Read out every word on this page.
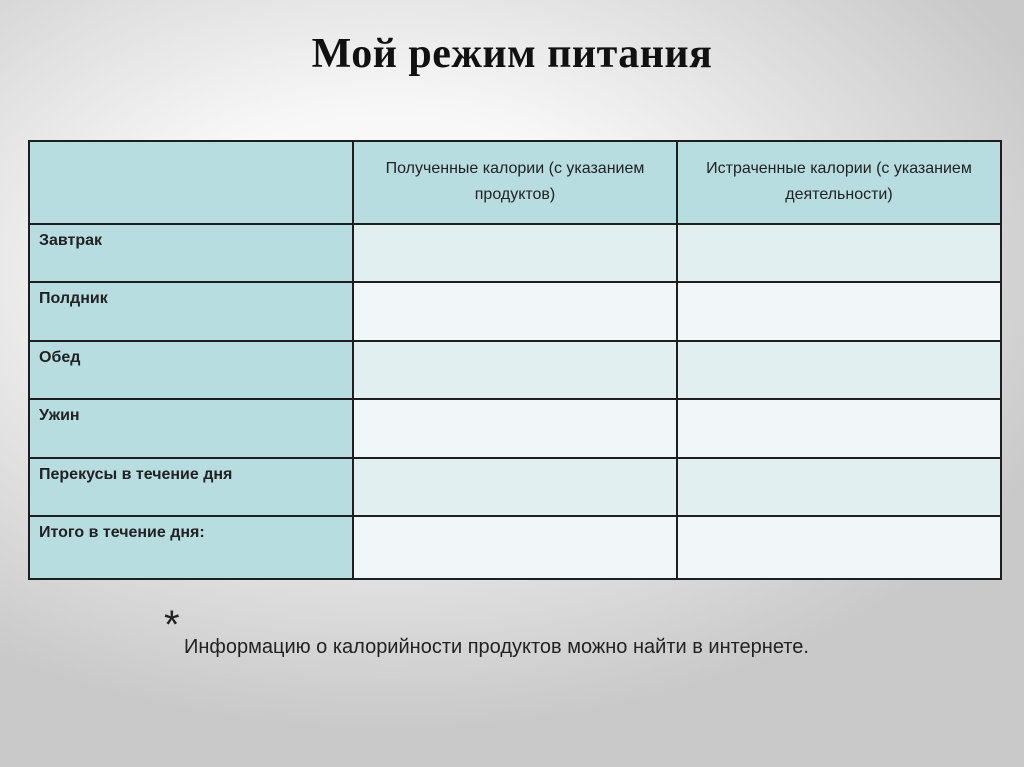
Мой режим питания
	Полученные калории (с указанием продуктов)	Истраченные калории (с указанием деятельности)
Завтрак		
Полдник		
Обед		
Ужин		
Перекусы в течение дня		
Итого в течение дня:		
* Информацию о калорийности продуктов можно найти в интернете.
